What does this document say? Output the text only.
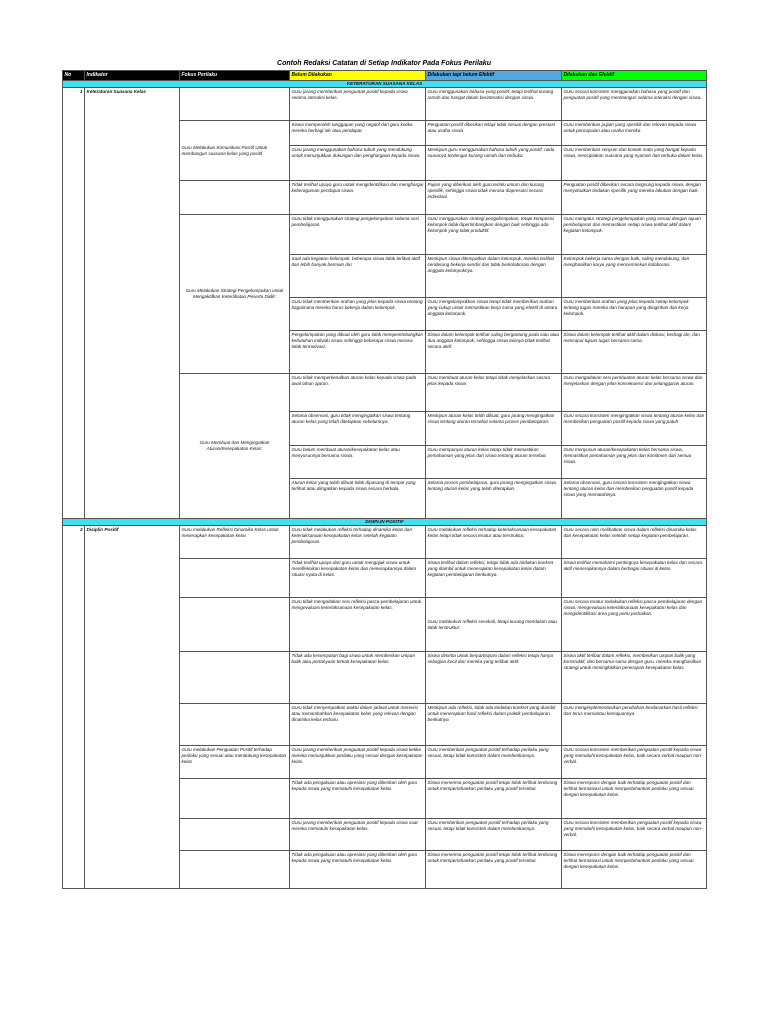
Contoh Redaksi Catatan di Setiap Indikator Pada Fokus Perilaku
No	Indikator	Fokus Perilaku	Belum Dilakukan	Dilakukan tapi belum Efektif	Dilakukan dan Efektif
KETERATURAN SUASANA KELAS					
1	Keteraturan Suasana Kelas		Guru jarang memberikan penguatan positif kepada siswa selama interaksi kelas.	Guru menggunakan bahasa yang positif, tetapi terlihat kurang ramah dan hangat dalam berinteraksi dengan siswa.	Guru secara konsisten menggunakan bahasa yang positif dan penguatan positif yang membangun selama interaksi dengan siswa.
		Guru Melakukan Komunikasi Positif Untuk membangun suasana kelas yang positif	Siswa memperoleh tanggapan yang negatif dari guru ketika mereka berbagi ide atau pendapat.	Penguatan positif diberikan tetapi tidak sesuai dengan prestasi atau usaha siswa	Guru memberikan pujian yang spesifik dan relevan kepada siswa untuk pencapaian atau usaha mereka
			Guru jarang menggunakan bahasa tubuh yang mendukung untuk menunjukkan dukungan dan penghargaan kepada siswa.	Meskipun guru menggunakan bahasa tubuh yang positif, nada suaranya terdengar kurang ramah dan terbuka.	Guru memberikan senyum dan kontak mata yang hangat kepada siswa, menciptakan suasana yang nyaman dan terbuka dalam kelas.
			Tidak terlihat upaya guru untuk mengidentifikasi dan menghargai keberagaman pendapat siswa.	Pujian yang diberikan oleh guru terlalu umum dan kurang spesifik, sehingga siswa tidak merasa diapresiasi secara individual.	Penguatan positif diberikan secara langsung kepada siswa, dengan menyebutkan tindakan spesifik yang mereka lakukan dengan baik.
		Guru Melakukan Strategi Pengelompokan untuk Mengaktifkan Keterlibatan Peserta Didik:	Guru tidak menggunakan strategi pengelompokan selama sesi pembelajaran.	Guru menggunakan strategi pengelompokan, tetapi komposisi kelompok tidak dipertimbangkan dengan baik sehingga ada kelompok yang tidak produktif.	Guru mengatur strategi pengelompokan yang sesuai dengan tujuan pembelajaran dan memastikan setiap siswa terlibat aktif dalam kegiatan kelompok.
			Saat ada kegiatan kelompok, beberapa siswa tidak terlibat aktif dan lebih banyak bermain diri.	Meskipun siswa ditempatkan dalam kelompok, mereka terlihat cenderung bekerja sendiri dan tidak berkolaborasi dengan anggota kelompoknya.	Kelompok bekerja sama dengan baik, saling mendukung, dan menghasilkan karya yang mencerminkan kolaborasi.
			Guru tidak memberikan arahan yang jelas kepada siswa tentang bagaimana mereka harus bekerja dalam kelompok.	Guru mengelompokkan siswa tetapi tidak memberikan arahan yang cukup untuk memastikan kerja sama yang efektif di antara anggota kelompok.	Guru memberikan arahan yang jelas kepada setiap kelompok tentang tugas mereka dan harapan yang diinginkan dari kerja kelompok.
			Pengelompokan yang dibuat oleh guru tidak mempertimbangkan kebutuhan individu siswa sehingga beberapa siswa merasa tidak termotivasi.	Siswa dalam kelompok terlihat saling bergantung pada satu atau dua anggota kelompok, sehingga siswa lainnya tidak terlibat secara aktif.	Siswa dalam kelompok terlihat aktif dalam diskusi, berbagi ide, dan mencapai tujuan tugas bersama-sama.
		Guru Membuat dan Mengingatkan Aturan/Kesepakatan Kelas:	Guru tidak memperkenalkan aturan kelas kepada siswa pada awal tahun ajaran.	Guru membuat aturan kelas tetapi tidak menjelaskan secara jelas kepada siswa	Guru mengadakan sesi pembuatan aturan kelas bersama siswa dan menjelaskan dengan jelas konsekuensi dari pelanggaran aturan.
			Selama observasi, guru tidak mengingatkan siswa tentang aturan kelas yang telah ditetapkan sebelumnya.	Meskipun aturan kelas telah dibuat, guru jarang mengingatkan siswa tentang aturan tersebut selama proses pembelajaran.	Guru secara konsisten mengingatkan siswa tentang aturan kelas dan memberikan penguatan positif kepada siswa yang patuh
			Guru belum membuat aturan/kesepakatan kelas atau menyusunnya bersama siswa.	Guru mempunyai aturan kelas tetapi tidak memastikan pemahaman yang jelas dari siswa tentang aturan tersebut.	Guru menyusun aturan/kesepakatan kelas bersama siswa, memastikan pemahaman yang jelas dan komitmen dari semua siswa.
			Aturan kelas yang telah dibuat tidak dipasang di tempat yang terlihat atau diingatkan kepada siswa secara berkala.	Selama proses pembelajaran, guru jarang mengingatkan siswa tentang aturan kelas yang telah ditetapkan.	Selama observasi, guru secara konsisten mengingatkan siswa tentang aturan kelas dan memberikan penguatan positif kepada siswa yang mematuhinya.
DISIPLIN POSITIF					
2	Disiplin Positif	Guru melakukan Refleksi Dinamika Kelas untuk menerapkan kesepakatan kelas	Guru tidak melakukan refleksi terhadap dinamika kelas dan keterlaksanaan kesepakatan kelas setelah kegiatan pembelajaran.	Guru melakukan refleksi terhadap keterlaksanaan kesepakatan kelas tetapi tidak secara teratur atau terstruktur.	Guru secara rutin melibatkan siswa dalam refleksi dinamika kelas dan kesepakatan kelas setelah setiap kegiatan pembelajaran.
			Tidak terlihat upaya dari guru untuk mengajak siswa untuk merefleksikan kesepakatan kelas dan menerapkannya dalam situasi nyata di kelas.	Siswa terlibat dalam refleksi, tetapi tidak ada tindakan konkret yang diambil untuk menerapkan kesepakatan kelas dalam kegiatan pembelajaran berikutnya.	Siswa terlihat memahami pentingnya kesepakatan kelas dan secara aktif menerapkannya dalam berbagai situasi di kelas.
			Guru tidak mengadakan sesi refleksi pasca-pembelajaran untuk mengevaluasi keterlaksanaan kesepakatan kelas.	Guru melakukan refleksi sesekali, tetapi kurang mendalam atau tidak terstruktur.	Guru secara teratur melakukan refleksi pasca-pembelajaran dengan siswa, mengevaluasi keterlaksanaan kesepakatan kelas dan mengidentifikasi area yang perlu perbaikan.
			Tidak ada kesempatan bagi siswa untuk memberikan umpan balik atau pertanyaan terkait kesepakatan kelas.	Siswa diminta untuk berpartisipasi dalam refleksi tetapi hanya sebagian kecil dari mereka yang terlibat aktif.	Siswa aktif terlibat dalam refleksi, memberikan umpan balik yang konstruktif, dan bersama-sama dengan guru, mereka menghasilkan strategi untuk meningkatkan penerapan kesepakatan kelas.
			Guru tidak menyempatkan waktu dalam jadwal untuk merevisi atau menambahkan kesepakatan kelas yang relevan dengan dinamika kelas terbaru.	Meskipun ada refleksi, tidak ada tindakan konkret yang diambil untuk menerapkan hasil refleksi dalam praktik pembelajaran berikutnya	Guru mengimplementasikan perubahan berdasarkan hasil refleksi dan terus memantau kemajuannya.
		Guru melakukan Penguatan Positif terhadap perilaku yang sesuai atau mendukung kesepakatan kelas	Guru jarang memberikan penguatan positif kepada siswa ketika mereka menunjukkan perilaku yang sesuai dengan kesepakatan kelas.	Guru memberikan penguatan positif terhadap perilaku yang sesuai, tetapi tidak konsisten dalam memberikannya.	Guru secara konsisten memberikan penguatan positif kepada siswa yang mematuhi kesepakatan kelas, baik secara verbal maupun non-verbal.
			Tidak ada pengakuan atau apresiasi yang diberikan oleh guru kepada siswa yang mematuhi kesepakatan kelas.	Siswa menerima penguatan positif tetapi tidak terlihat terdorong untuk mempertahankan perilaku yang positif tersebut.	Siswa merespons dengan baik terhadap penguatan positif dan terlihat termotivasi untuk mempertahankan perilaku yang sesuai dengan kesepakatan kelas.
			Guru jarang memberikan penguatan positif kepada siswa saat mereka mematuhi kesepakatan kelas.	Guru memberikan penguatan positif terhadap perilaku yang sesuai, tetapi tidak konsisten dalam memberikannya.	Guru secara konsisten memberikan penguatan positif kepada siswa yang mematuhi kesepakatan kelas, baik secara verbal maupun non-verbal.
			Tidak ada pengakuan atau apresiasi yang diberikan oleh guru kepada siswa yang mematuhi kesepakatan kelas.	Siswa menerima penguatan positif tetapi tidak terlihat terdorong untuk mempertahankan perilaku yang positif tersebut.	Siswa merespons dengan baik terhadap penguatan positif dan terlihat termotivasi untuk mempertahankan perilaku yang sesuai dengan kesepakatan kelas.
